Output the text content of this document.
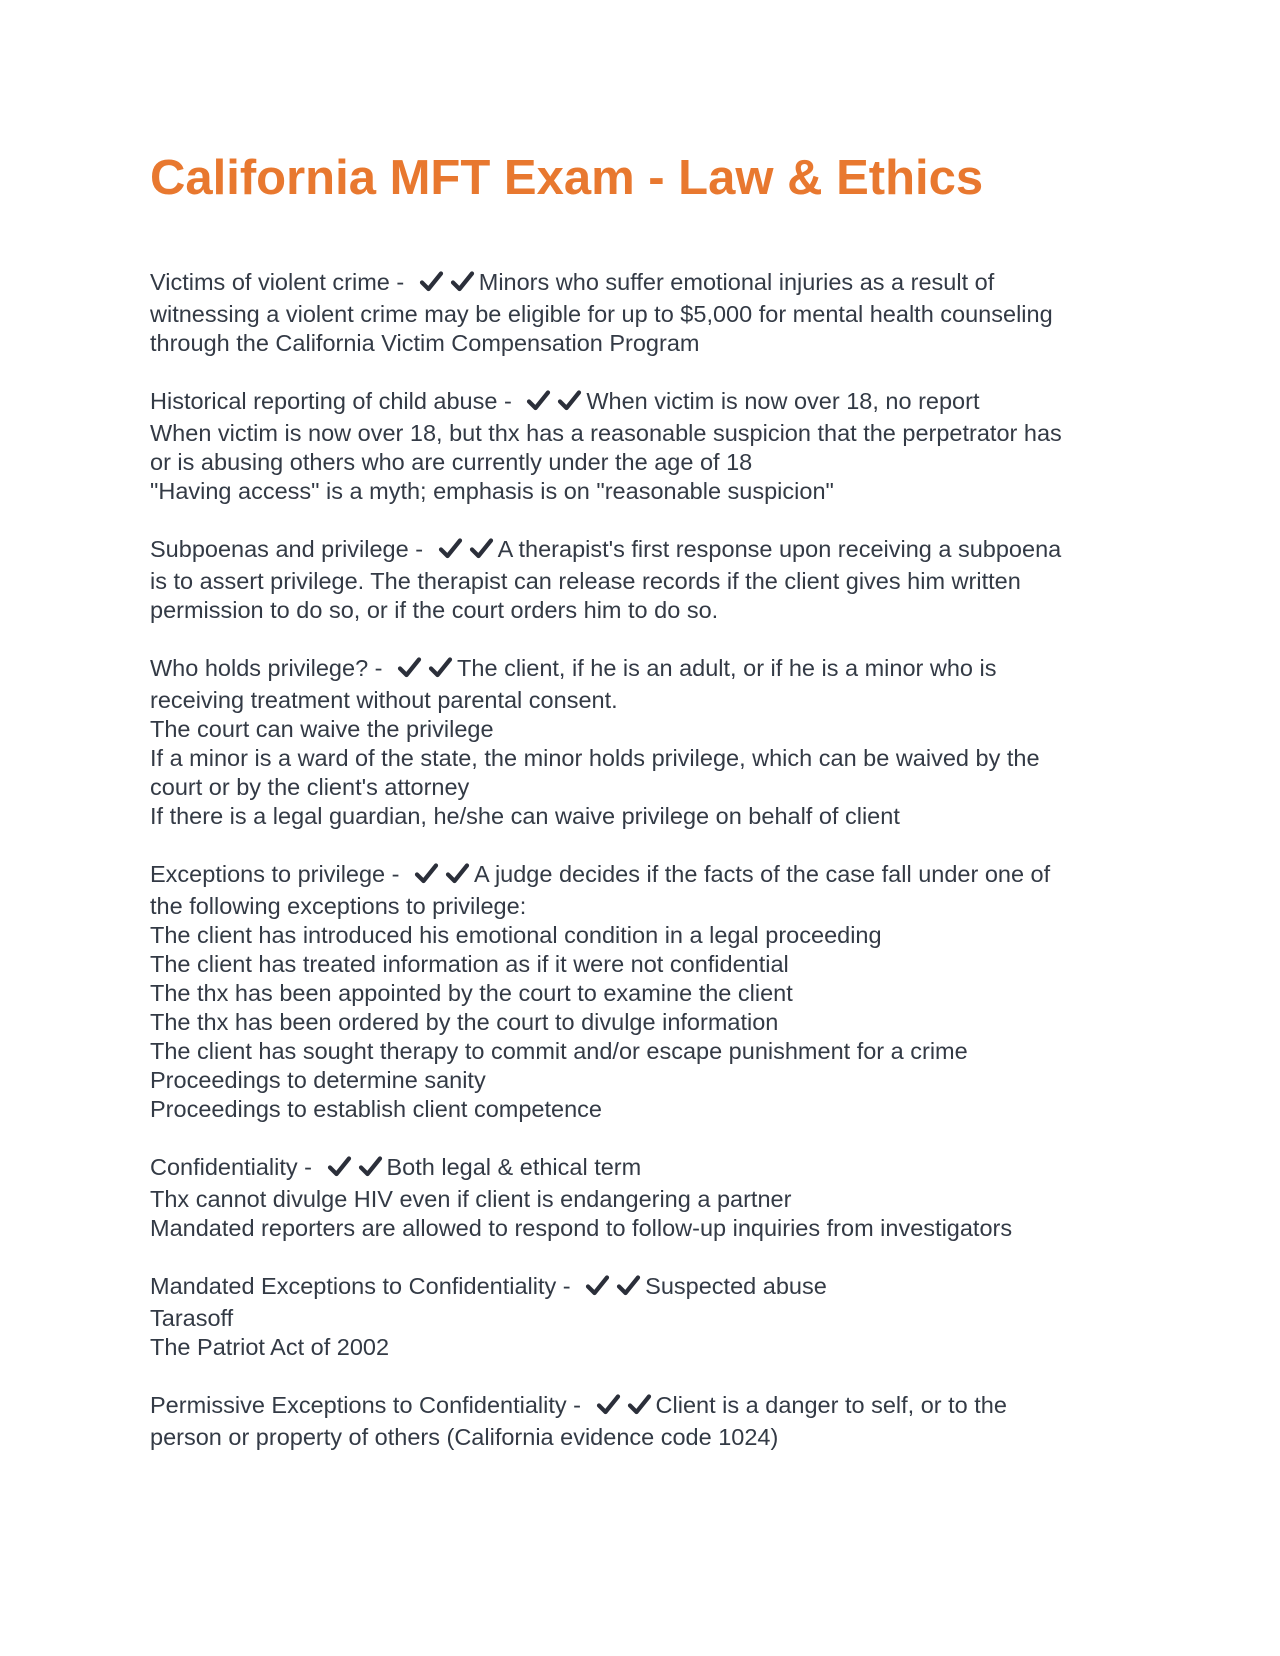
California MFT Exam - Law & Ethics
Victims of violent crime -	Minors who suffer emotional injuries as a result of
witnessing a violent crime may be eligible for up to $5,000 for mental health counseling
through the California Victim Compensation Program
Historical reporting of child abuse -	When victim is now over 18, no report
When victim is now over 18, but thx has a reasonable suspicion that the perpetrator has
or is abusing others who are currently under the age of 18
"Having access" is a myth; emphasis is on "reasonable suspicion"
Subpoenas and privilege -	A therapist's first response upon receiving a subpoena
is to assert privilege. The therapist can release records if the client gives him written
permission to do so, or if the court orders him to do so.
Who holds privilege? -	The client, if he is an adult, or if he is a minor who is
receiving treatment without parental consent.
The court can waive the privilege
If a minor is a ward of the state, the minor holds privilege, which can be waived by the
court or by the client's attorney
If there is a legal guardian, he/she can waive privilege on behalf of client
Exceptions to privilege -	A judge decides if the facts of the case fall under one of
the following exceptions to privilege:
The client has introduced his emotional condition in a legal proceeding
The client has treated information as if it were not confidential
The thx has been appointed by the court to examine the client
The thx has been ordered by the court to divulge information
The client has sought therapy to commit and/or escape punishment for a crime
Proceedings to determine sanity
Proceedings to establish client competence
Confidentiality -	Both legal & ethical term
Thx cannot divulge HIV even if client is endangering a partner
Mandated reporters are allowed to respond to follow-up inquiries from investigators
Mandated Exceptions to Confidentiality -	Suspected abuse
Tarasoff
The Patriot Act of 2002
Permissive Exceptions to Confidentiality -	Client is a danger to self, or to the
person or property of others (California evidence code 1024)
